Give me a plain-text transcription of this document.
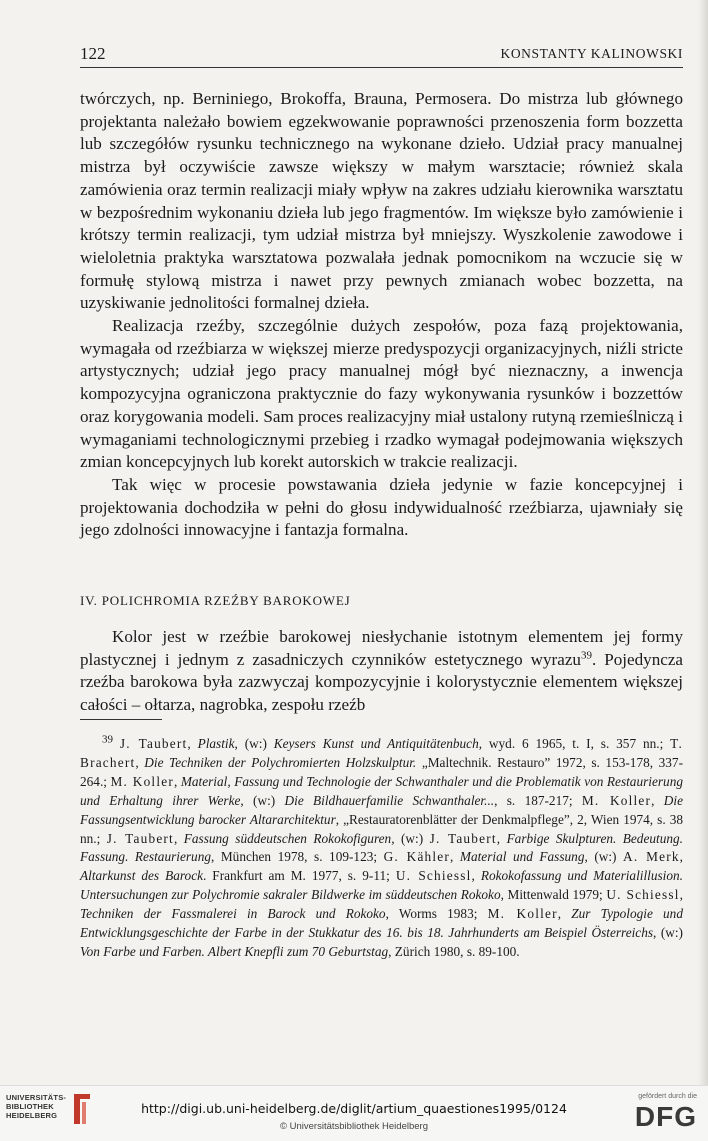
122	KONSTANTY KALINOWSKI

twórczych, np. Berniniego, Brokoffa, Brauna, Permosera. Do mistrza lub głównego projektanta należało bowiem egzekwowanie poprawności przenoszenia form bozzetta lub szczegółów rysunku technicznego na wykonane dzieło. Udział pracy manualnej mistrza był oczywiście zawsze większy w małym warsztacie; również skala zamówienia oraz termin realizacji miały wpływ na zakres udziału kierownika warsztatu w bezpośrednim wykonaniu dzieła lub jego fragmentów. Im większe było zamówienie i krótszy termin realizacji, tym udział mistrza był mniejszy. Wyszkolenie zawodowe i wieloletnia praktyka warsztatowa pozwalała jednak pomocnikom na wczucie się w formułę stylową mistrza i nawet przy pewnych zmianach wobec bozzetta, na uzyskiwanie jednolitości formalnej dzieła.

Realizacja rzeźby, szczególnie dużych zespołów, poza fazą projektowania, wymagała od rzeźbiarza w większej mierze predyspozycji organizacyjnych, niźli stricte artystycznych; udział jego pracy manualnej mógł być nieznaczny, a inwencja kompozycyjna ograniczona praktycznie do fazy wykonywania rysunków i bozzettów oraz korygowania modeli. Sam proces realizacyjny miał ustalony rutyną rzemieślniczą i wymaganiami technologicznymi przebieg i rzadko wymagał podejmowania większych zmian koncepcyjnych lub korekt autorskich w trakcie realizacji.

Tak więc w procesie powstawania dzieła jedynie w fazie koncepcyjnej i projektowania dochodziła w pełni do głosu indywidualność rzeźbiarza, ujawniały się jego zdolności innowacyjne i fantazja formalna.

IV. POLICHROMIA RZEŹBY BAROKOWEJ

Kolor jest w rzeźbie barokowej niesłychanie istotnym elementem jej formy plastycznej i jednym z zasadniczych czynników estetycznego wyrazu$^{39}$. Pojedyncza rzeźba barokowa była zazwyczaj kompozycyjnie i kolorystycznie elementem większej całości – ołtarza, nagrobka, zespołu rzeźb

$^{39}$ J. Taubert, Plastik, (w:) Keysers Kunst und Antiquitätenbuch, wyd. 6 1965, t. I, s. 357 nn.; T. Brachert, Die Techniken der Polychromierten Holzskulptur. „Maltechnik. Restauro” 1972, s. 153-178, 337-264.; M. Koller, Material, Fassung und Technologie der Schwanthaler und die Problematik von Restaurierung und Erhaltung ihrer Werke, (w:) Die Bildhauerfamilie Schwanthaler..., s. 187-217; M. Koller, Die Fassungsentwicklung barocker Altararchitektur, „Restauratorenblätter der Denkmalpflege”, 2, Wien 1974, s. 38 nn.; J. Taubert, Fassung süddeutschen Rokokofiguren, (w:) J. Taubert, Farbige Skulpturen. Bedeutung. Fassung. Restaurierung, München 1978, s. 109-123; G. Kähler, Material und Fassung, (w:) A. Merk, Altarkunst des Barock. Frankfurt am M. 1977, s. 9-11; U. Schiessl, Rokokofassung und Materialillusion. Untersuchungen zur Polychromie sakraler Bildwerke im süddeutschen Rokoko, Mittenwald 1979; U. Schiessl, Techniken der Fassmalerei in Barock und Rokoko, Worms 1983; M. Koller, Zur Typologie und Entwicklungsgeschichte der Farbe in der Stukkatur des 16. bis 18. Jahrhunderts am Beispiel Österreichs, (w:) Von Farbe und Farben. Albert Knepfli zum 70 Geburtstag, Zürich 1980, s. 89-100.

UNIVERSITÄTS-
BIBLIOTHEK
HEIDELBERG	http://digi.ub.uni-heidelberg.de/diglit/artium_quaestiones1995/0124
© Universitätsbibliothek Heidelberg
gefördert durch die
DFG
